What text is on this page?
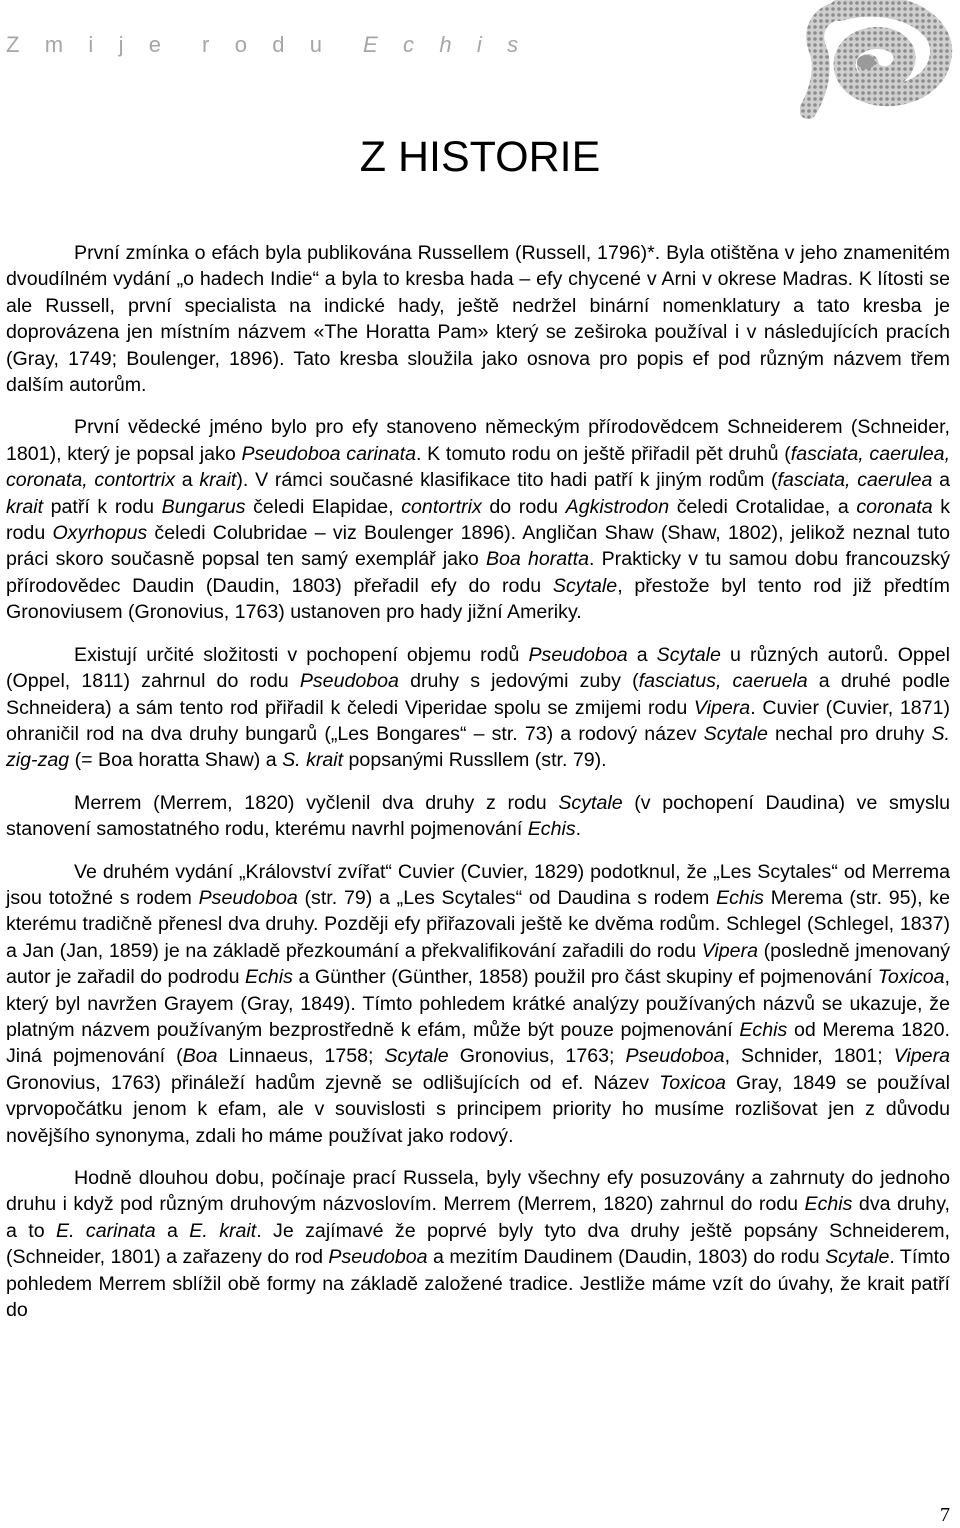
Z m i j e  r o d u  E c h i s
Z HISTORIE

První zmínka o efách byla publikována Russellem (Russell, 1796)*. Byla otištěna v jeho znamenitém dvoudílném vydání „o hadech Indie“ a byla to kresba hada – efy chycené v Arni v okrese Madras. K lítosti se ale Russell, první specialista na indické hady, ještě nedržel binární nomenklatury a tato kresba je doprovázena jen místním názvem «The Horatta Pam» který se zeširoka používal i v následujících pracích (Gray, 1749; Boulenger, 1896). Tato kresba sloužila jako osnova pro popis ef pod různým názvem třem dalším autorům.

První vědecké jméno bylo pro efy stanoveno německým přírodovědcem Schneiderem (Schneider, 1801), který je popsal jako Pseudoboa carinata. K tomuto rodu on ještě přiřadil pět druhů (fasciata, caerulea, coronata, contortrix a krait). V rámci současné klasifikace tito hadi patří k jiným rodům (fasciata, caerulea a krait patří k rodu Bungarus čeledi Elapidae, contortrix do rodu Agkistrodon čeledi Crotalidae, a coronata k rodu Oxyrhopus čeledi Colubridae – viz Boulenger 1896). Angličan Shaw (Shaw, 1802), jelikož neznal tuto práci skoro současně popsal ten samý exemplář jako Boa horatta. Prakticky v tu samou dobu francouzský přírodovědec Daudin (Daudin, 1803) přeřadil efy do rodu Scytale, přestože byl tento rod již předtím Gronoviusem (Gronovius, 1763) ustanoven pro hady jižní Ameriky.

Existují určité složitosti v pochopení objemu rodů Pseudoboa a Scytale u různých autorů. Oppel (Oppel, 1811) zahrnul do rodu Pseudoboa druhy s jedovými zuby (fasciatus, caeruela a druhé podle Schneidera) a sám tento rod přiřadil k čeledi Viperidae spolu se zmijemi rodu Vipera. Cuvier (Cuvier, 1871) ohraničil rod na dva druhy bungarů („Les Bongares“ – str. 73) a rodový název Scytale nechal pro druhy S. zig-zag (= Boa horatta Shaw) a S. krait popsanými Russllem (str. 79).

Merrem (Merrem, 1820) vyčlenil dva druhy z rodu Scytale (v pochopení Daudina) ve smyslu stanovení samostatného rodu, kterému navrhl pojmenování Echis.

Ve druhém vydání „Království zvířat“ Cuvier (Cuvier, 1829) podotknul, že „Les Scytales“ od Merrema jsou totožné s rodem Pseudoboa (str. 79) a „Les Scytales“ od Daudina s rodem Echis Merema (str. 95), ke kterému tradičně přenesl dva druhy. Později efy přiřazovali ještě ke dvěma rodům. Schlegel (Schlegel, 1837) a Jan (Jan, 1859) je na základě přezkoumání a překvalifikování zařadili do rodu Vipera (posledně jmenovaný autor je zařadil do podrodu Echis a Günther (Günther, 1858) použil pro část skupiny ef pojmenování Toxicoa, který byl navržen Grayem (Gray, 1849). Tímto pohledem krátké analýzy používaných názvů se ukazuje, že platným názvem používaným bezprostředně k efám, může být pouze pojmenování Echis od Merema 1820. Jiná pojmenování (Boa Linnaeus, 1758; Scytale Gronovius, 1763; Pseudoboa, Schnider, 1801; Vipera Gronovius, 1763) přináleží hadům zjevně se odlišujících od ef. Název Toxicoa Gray, 1849 se používal vprvopočátku jenom k efam, ale v souvislosti s principem priority ho musíme rozlišovat jen z důvodu novějšího synonyma, zdali ho máme používat jako rodový.

Hodně dlouhou dobu, počínaje prací Russela, byly všechny efy posuzovány a zahrnuty do jednoho druhu i když pod různým druhovým názvoslovím. Merrem (Merrem, 1820) zahrnul do rodu Echis dva druhy, a to E. carinata a E. krait. Je zajímavé že poprvé byly tyto dva druhy ještě popsány Schneiderem, (Schneider, 1801) a zařazeny do rod Pseudoboa a mezitím Daudinem (Daudin, 1803) do rodu Scytale. Tímto pohledem Merrem sblížil obě formy na základě založené tradice. Jestliže máme vzít do úvahy, že krait patří do

7
